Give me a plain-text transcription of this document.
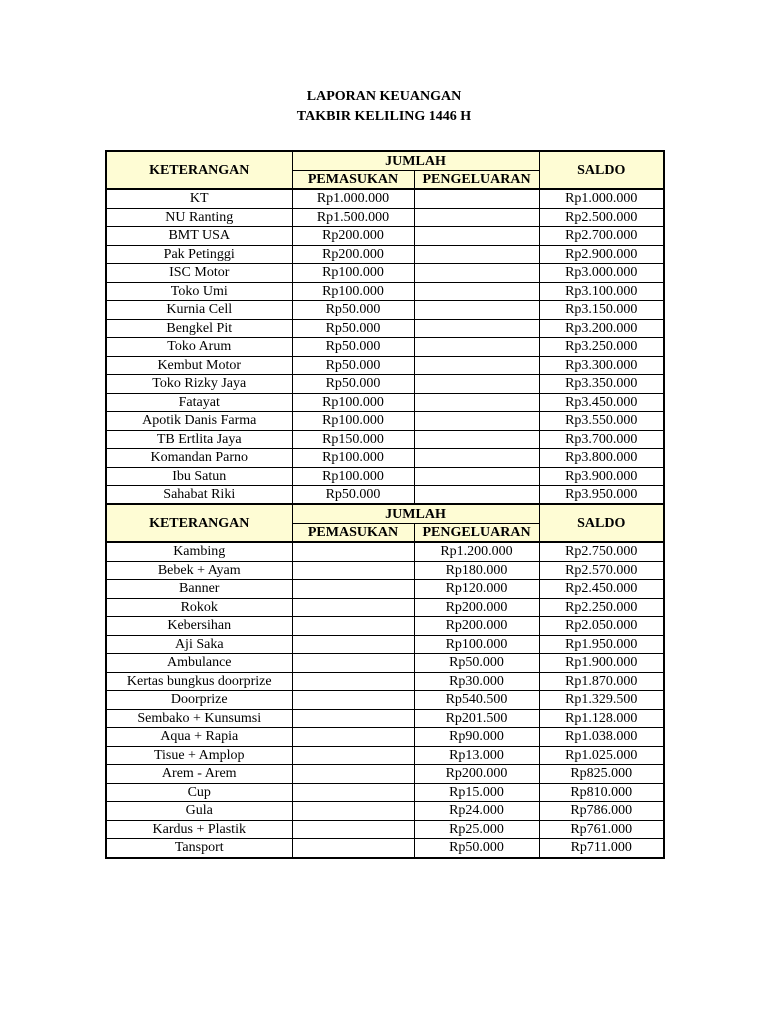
LAPORAN KEUANGAN
TAKBIR KELILING 1446 H
KETERANGAN	JUMLAH		SALDO
	PEMASUKAN	PENGELUARAN	
KT	Rp1.000.000		Rp1.000.000
NU Ranting	Rp1.500.000		Rp2.500.000
BMT USA	Rp200.000		Rp2.700.000
Pak Petinggi	Rp200.000		Rp2.900.000
ISC Motor	Rp100.000		Rp3.000.000
Toko Umi	Rp100.000		Rp3.100.000
Kurnia Cell	Rp50.000		Rp3.150.000
Bengkel Pit	Rp50.000		Rp3.200.000
Toko Arum	Rp50.000		Rp3.250.000
Kembut Motor	Rp50.000		Rp3.300.000
Toko Rizky Jaya	Rp50.000		Rp3.350.000
Fatayat	Rp100.000		Rp3.450.000
Apotik Danis Farma	Rp100.000		Rp3.550.000
TB Ertlita Jaya	Rp150.000		Rp3.700.000
Komandan Parno	Rp100.000		Rp3.800.000
Ibu Satun	Rp100.000		Rp3.900.000
Sahabat Riki	Rp50.000		Rp3.950.000
KETERANGAN	JUMLAH		SALDO
	PEMASUKAN	PENGELUARAN	
Kambing		Rp1.200.000	Rp2.750.000
Bebek + Ayam		Rp180.000	Rp2.570.000
Banner		Rp120.000	Rp2.450.000
Rokok		Rp200.000	Rp2.250.000
Kebersihan		Rp200.000	Rp2.050.000
Aji Saka		Rp100.000	Rp1.950.000
Ambulance		Rp50.000	Rp1.900.000
Kertas bungkus doorprize		Rp30.000	Rp1.870.000
Doorprize		Rp540.500	Rp1.329.500
Sembako + Kunsumsi		Rp201.500	Rp1.128.000
Aqua + Rapia		Rp90.000	Rp1.038.000
Tisue + Amplop		Rp13.000	Rp1.025.000
Arem - Arem		Rp200.000	Rp825.000
Cup		Rp15.000	Rp810.000
Gula		Rp24.000	Rp786.000
Kardus + Plastik		Rp25.000	Rp761.000
Tansport		Rp50.000	Rp711.000
